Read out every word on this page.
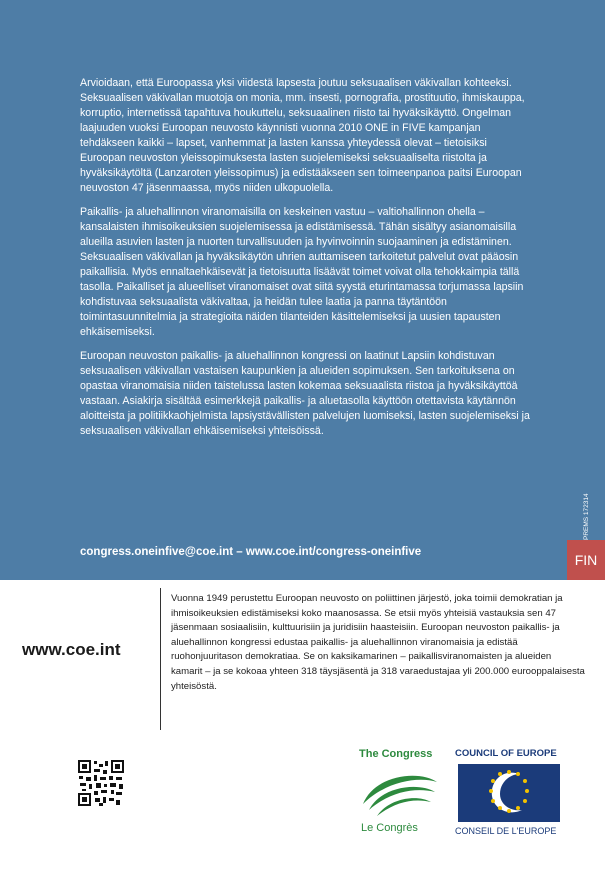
Arvioidaan, että Euroopassa yksi viidestä lapsesta joutuu seksuaalisen väkivallan kohteeksi. Seksuaalisen väkivallan muotoja on monia, mm. insesti, pornografia, prostituutio, ihmiskauppa, korruptio, internetissä tapahtuva houkuttelu, seksuaalinen riisto tai hyväksikäyttö. Ongelman laajuuden vuoksi Euroopan neuvosto käynnisti vuonna 2010 ONE in FIVE kampanjan tehdäkseen kaikki – lapset, vanhemmat ja lasten kanssa yhteydessä olevat – tietoisiksi Euroopan neuvoston yleissopimuksesta lasten suojelemiseksi seksuaaliselta riistolta ja hyväksikäytöltä (Lanzaroten yleissopimus) ja edistääkseen sen toimeenpanoa paitsi Euroopan neuvoston 47 jäsenmaassa, myös niiden ulkopuolella.

Paikallis- ja aluehallinnon viranomaisilla on keskeinen vastuu – valtiohallinnon ohella – kansalaisten ihmisoikeuksien suojelemisessa ja edistämisessä. Tähän sisältyy asianomaisilla alueilla asuvien lasten ja nuorten turvallisuuden ja hyvinvoinnin suojaaminen ja edistäminen. Seksuaalisen väkivallan ja hyväksikäytön uhrien auttamiseen tarkoitetut palvelut ovat pääosin paikallisia. Myös ennaltaehkäisevät ja tietoisuutta lisäävät toimet voivat olla tehokkaimpia tällä tasolla. Paikalliset ja alueelliset viranomaiset ovat siitä syystä eturintamassa torjumassa lapsiin kohdistuvaa seksuaalista väkivaltaa, ja heidän tulee laatia ja panna täytäntöön toimintasuunnitelmia ja strategioita näiden tilanteiden käsittelemiseksi ja uusien tapausten ehkäisemiseksi.

Euroopan neuvoston paikallis- ja aluehallinnon kongressi on laatinut Lapsiin kohdistuvan seksuaalisen väkivallan vastaisen kaupunkien ja alueiden sopimuksen. Sen tarkoituksena on opastaa viranomaisia niiden taistelussa lasten kokemaa seksuaalista riistoa ja hyväksikäyttöä vastaan. Asiakirja sisältää esimerkkejä paikallis- ja aluetasolla käyttöön otettavista käytännön aloitteista ja politiikkaohjelmista lapsiystävällisten palvelujen luomiseksi, lasten suojelemiseksi ja seksuaalisen väkivallan ehkäisemiseksi yhteisöissä.

congress.oneinfive@coe.int – www.coe.int/congress-oneinfive
PREMS 172314
FIN
www.coe.int
Vuonna 1949 perustettu Euroopan neuvosto on poliittinen järjestö, joka toimii demokratian ja ihmisoikeuksien edistämiseksi koko maanosassa. Se etsii myös yhteisiä vastauksia sen 47 jäsenmaan sosiaalisiin, kulttuurisiin ja juridisiin haasteisiin. Euroopan neuvoston paikallis- ja aluehallinnon kongressi edustaa paikallis- ja aluehallinnon viranomaisia ja edistää ruohonjuuritason demokratiaa. Se on kaksikamarinen – paikallisviranomaisten ja alueiden kamarit – ja se kokoaa yhteen 318 täysjäsentä ja 318 varaedustajaa yli 200.000 eurooppalaisesta yhteisöstä.
The Congress
Le Congrès
COUNCIL OF EUROPE
CONSEIL DE L'EUROPE
